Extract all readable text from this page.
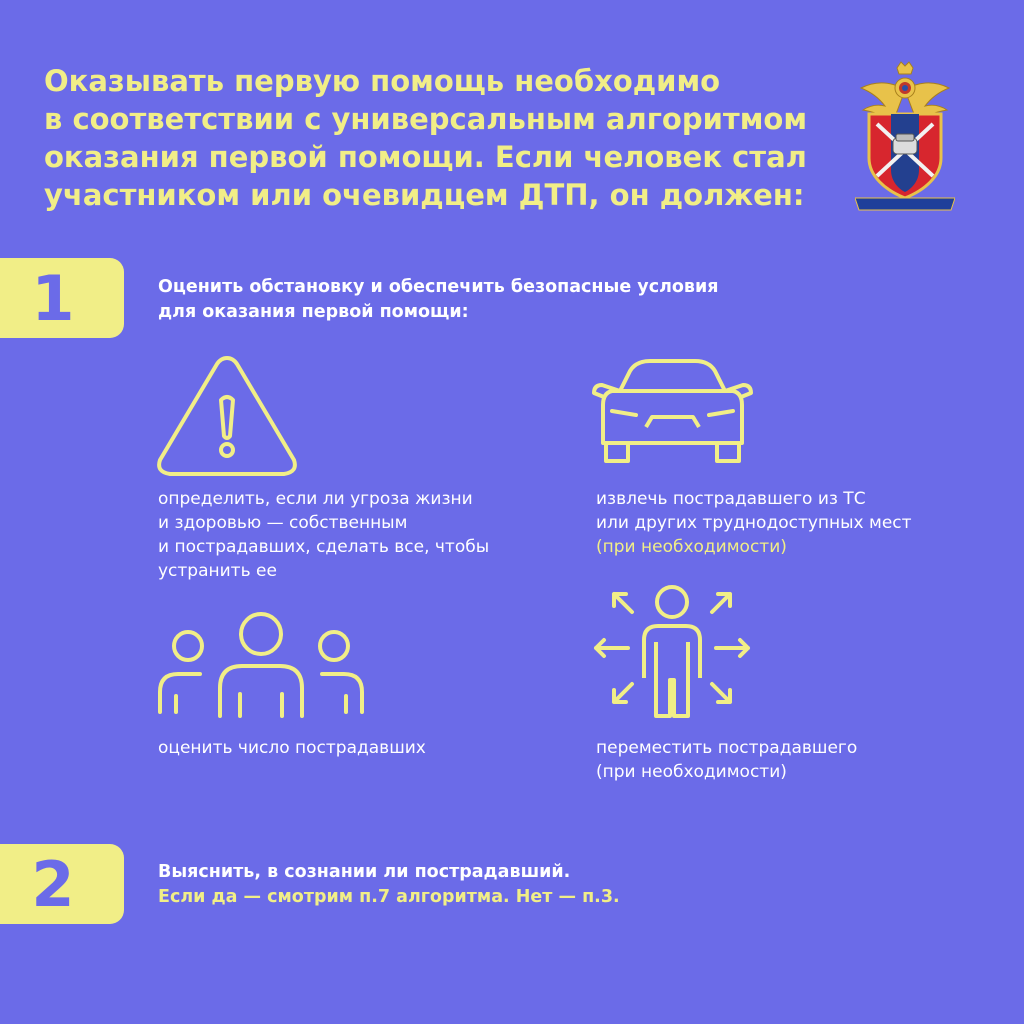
Оказывать первую помощь необходимо
в соответствии с универсальным алгоритмом
оказания первой помощи. Если человек стал
участником или очевидцем ДТП, он должен:
1	Оценить обстановку и обеспечить безопасные условия
для оказания первой помощи:
определить, если ли угроза жизни
и здоровью — собственным
и пострадавших, сделать все, чтобы
устранить ее
извлечь пострадавшего из ТС
или других труднодоступных мест
(при необходимости)
оценить число пострадавших	переместить пострадавшего
(при необходимости)
2	Выяснить, в сознании ли пострадавший.
Если да — смотрим п.7 алгоритма. Нет — п.3.
